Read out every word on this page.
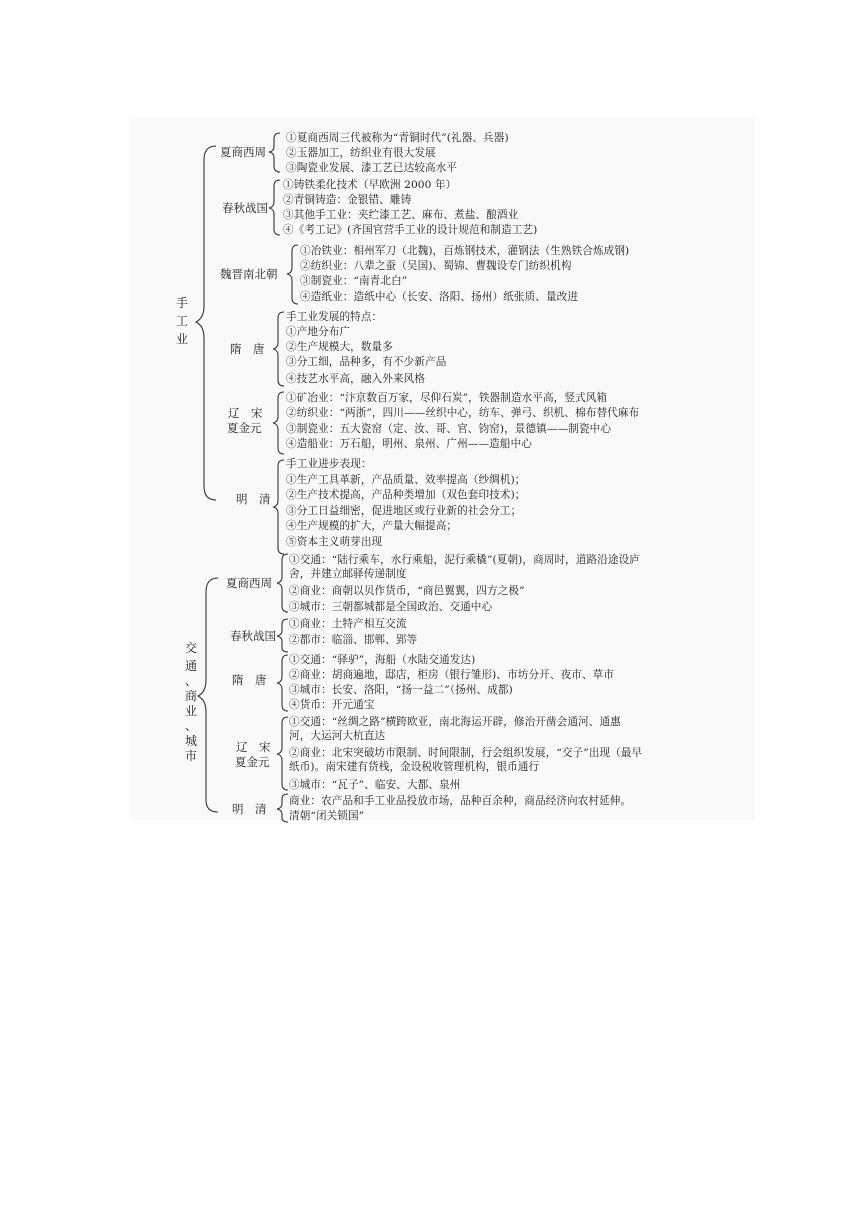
手
工
业
夏商西周
①夏商西周三代被称为“青铜时代”(礼器、兵器)
②玉器加工，纺织业有很大发展
③陶瓷业发展、漆工艺已达较高水平
春秋战国
①铸铁柔化技术（早欧洲 2000 年）
②青铜铸造：金银错、雕铸
③其他手工业：夹纻漆工艺、麻布、煮盐、酿酒业
④《考工记》(齐国官营手工业的设计规范和制造工艺)
魏晋南北朝
①冶铁业：相州军刀（北魏)，百炼钢技术，灌钢法（生熟铁合炼成钢)
②纺织业：八辈之蚕（吴国)、蜀锦、曹魏设专门纺织机构
③制瓷业：“南青北白”
④造纸业：造纸中心（长安、洛阳、扬州）纸张质、量改进
隋　唐
手工业发展的特点：
①产地分布广
②生产规模大，数量多
③分工细，品种多，有不少新产品
④技艺水平高，融入外来风格
辽　宋
夏金元
①矿冶业：“汴京数百万家，尽仰石炭”，铁器制造水平高，竖式风箱
②纺织业：“两浙”，四川——丝织中心，纺车、弹弓、织机、棉布替代麻布
③制瓷业：五大瓷窑（定、汝、哥、官、钧窑)，景德镇——制瓷中心
④造船业：万石船，明州、泉州、广州——造船中心
明　清
手工业进步表现：
①生产工具革新，产品质量、效率提高（纱绸机)；
②生产技术提高，产品种类增加（双色套印技术)；
③分工日益细密，促进地区或行业新的社会分工；
④生产规模的扩大，产量大幅提高；
⑤资本主义萌芽出现
交
通
、
商
业
、
城
市
夏商西周
①交通：“陆行乘车，水行乘船，泥行乘橇”(夏朝)，商周时，道路沿途设庐舍，并建立邮驿传递制度
②商业：商朝以贝作货币，“商邑翼翼，四方之极”
③城市：三朝都城都是全国政治、交通中心
春秋战国
①商业：土特产相互交流
②都市：临淄、邯郸、郢等
隋　唐
①交通：“驿驴”，海船（水陆交通发达)
②商业：胡商遍地，邸店，柜房（银行雏形)、市坊分开、夜市、草市
③城市：长安、洛阳，“扬一益二”（扬州、成都)
④货币：开元通宝
辽　宋
夏金元
①交通：“丝绸之路”横跨欧亚，南北海运开辟，修治开凿会通河、通惠河，大运河大杭直达
②商业：北宋突破坊市限制、时间限制，行会组织发展，“交子”出现（最早纸币)。南宋建有货栈，金设税收管理机构，银币通行
③城市：“瓦子”、临安、大都、泉州
明　清
商业：农产品和手工业品投放市场，品种百余种，商品经济向农村延伸。
清朝“闭关锁国”
